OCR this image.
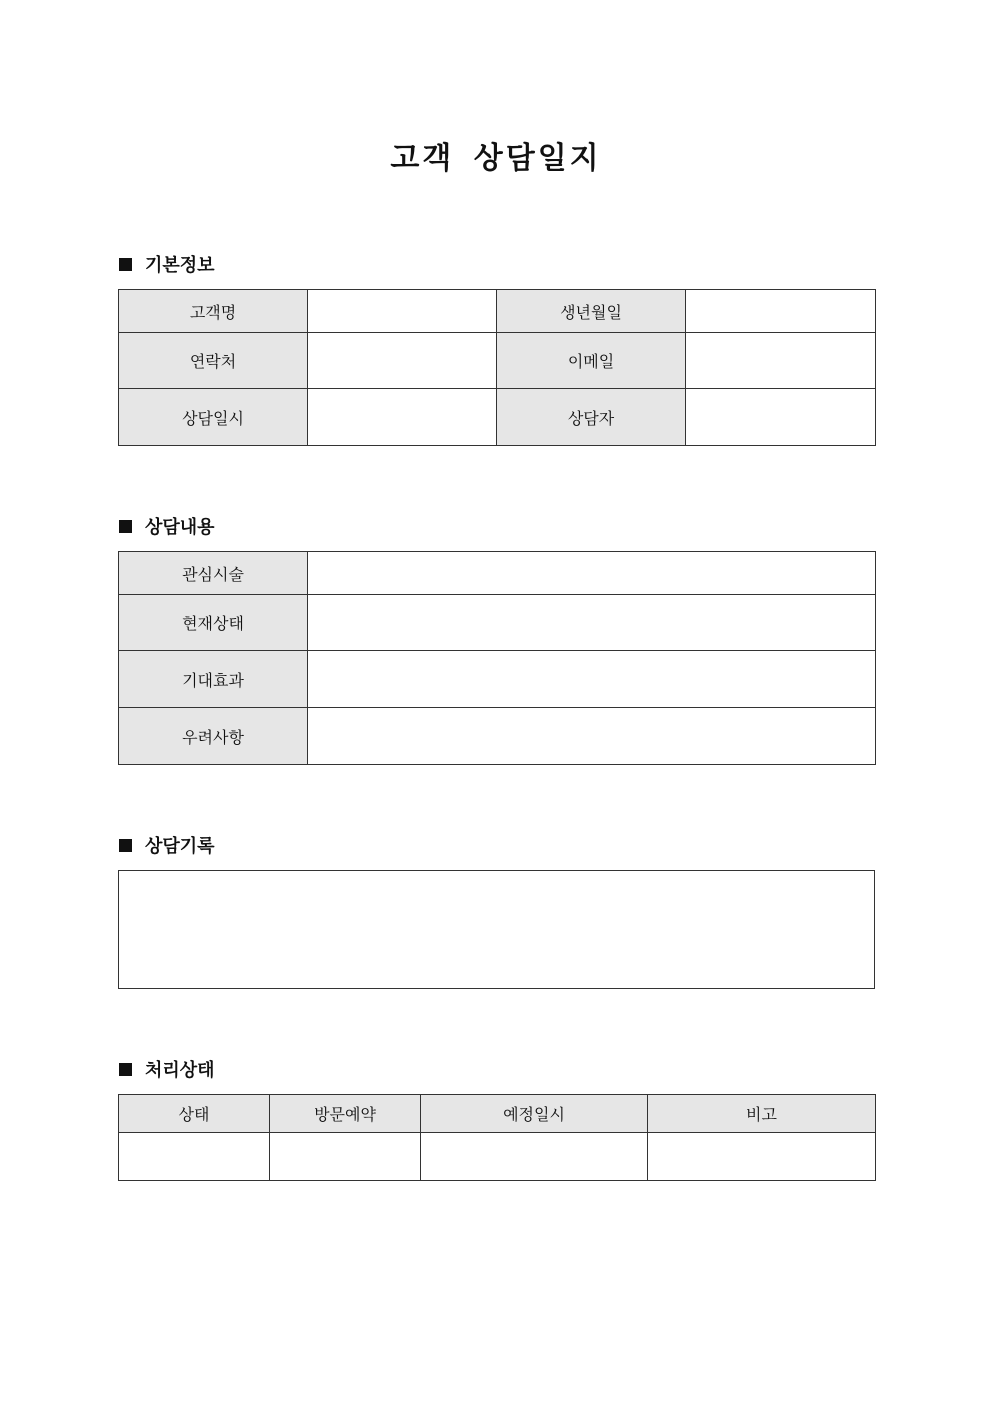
고객 상담일지
기본정보
고객명		생년월일	
연락처		이메일	
상담일시		상담자	
상담내용
관심시술	
현재상태	
기대효과	
우려사항	
상담기록
처리상태
상태	방문예약	예정일시	비고
